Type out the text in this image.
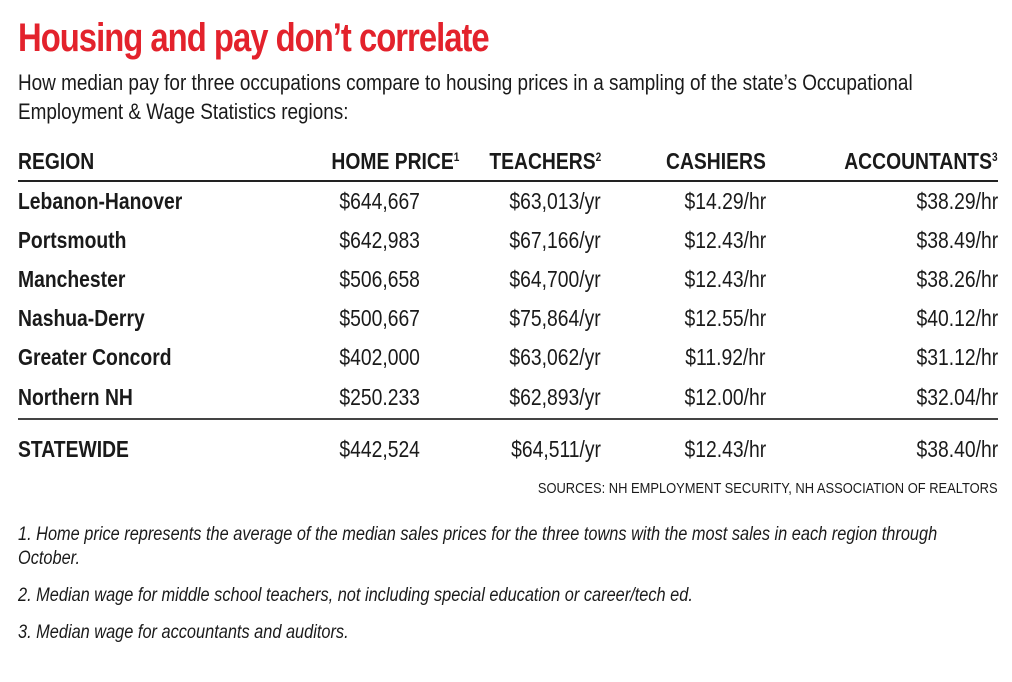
Housing and pay don’t correlate
How median pay for three occupations compare to housing prices in a sampling of the state’s Occupational Employment & Wage Statistics regions:
REGION	HOME PRICE$^1$	TEACHERS$^2$	CASHIERS	ACCOUNTANTS$^3$
Lebanon-Hanover	$644,667	$63,013/yr	$14.29/hr	$38.29/hr
Portsmouth	$642,983	$67,166/yr	$12.43/hr	$38.49/hr
Manchester	$506,658	$64,700/yr	$12.43/hr	$38.26/hr
Nashua-Derry	$500,667	$75,864/yr	$12.55/hr	$40.12/hr
Greater Concord	$402,000	$63,062/yr	$11.92/hr	$31.12/hr
Northern NH	$250.233	$62,893/yr	$12.00/hr	$32.04/hr
STATEWIDE	$442,524	$64,511/yr	$12.43/hr	$38.40/hr
SOURCES: NH EMPLOYMENT SECURITY, NH ASSOCIATION OF REALTORS
1. Home price represents the average of the median sales prices for the three towns with the most sales in each region through October.
2. Median wage for middle school teachers, not including special education or career/tech ed.
3. Median wage for accountants and auditors.
